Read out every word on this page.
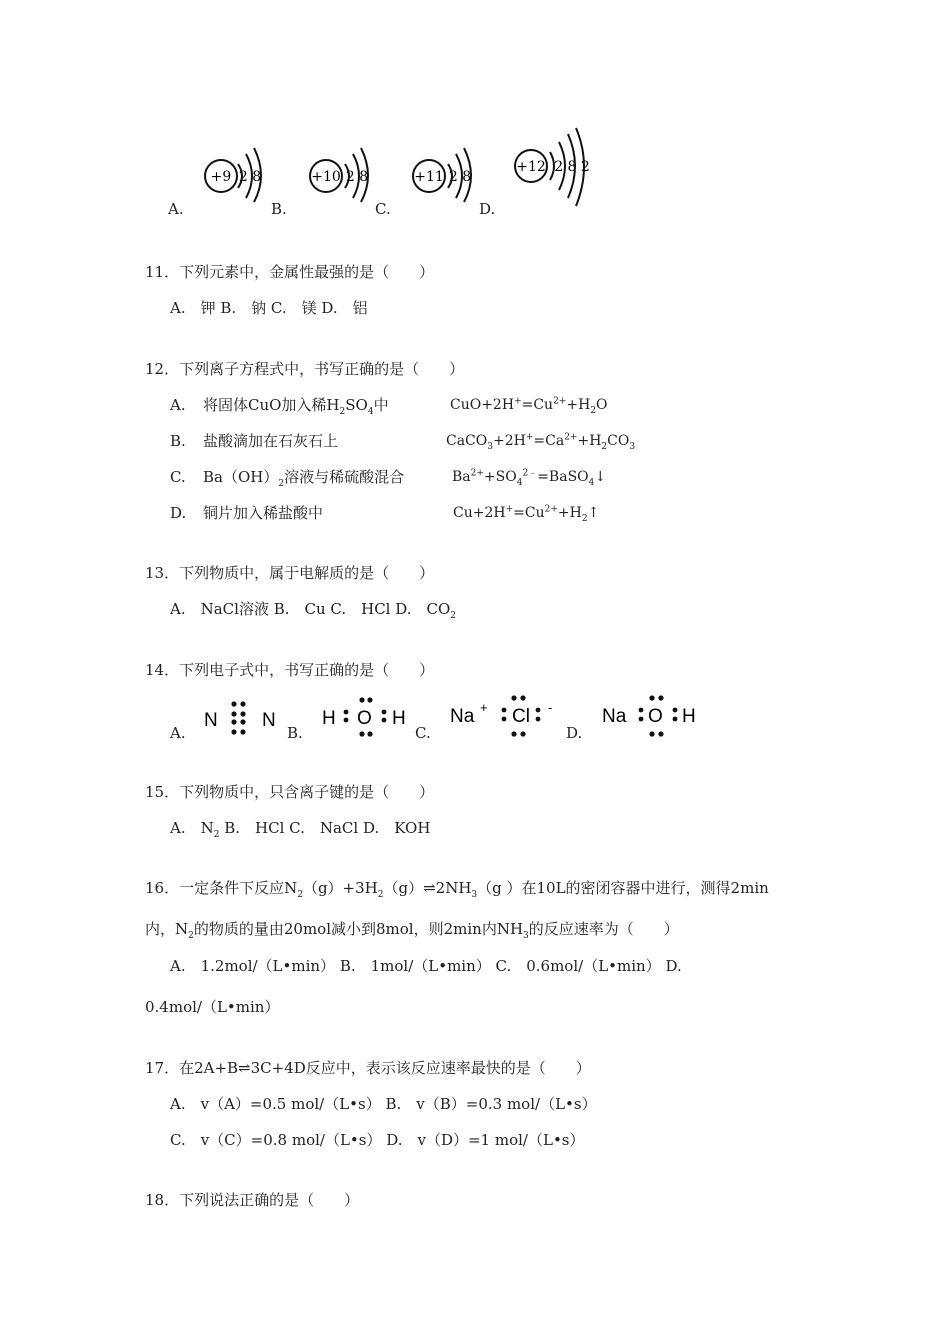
A.
+9 2 8
B.
+10 2 8
C.
+11 2 8
D.
+12 2 8 2
11．下列元素中，金属性最强的是（　　）
A.　钾 B.　钠 C.　镁 D.　铝
12．下列离子方程式中，书写正确的是（　　）
A. 将固体CuO加入稀$H_2SO_4$中	$CuO+2H^+=Cu^{2+}+H_2O$
B. 盐酸滴加在石灰石上	$CaCO_3+2H^+=Ca^{2+}+H_2CO_3$
C. $Ba(OH)_2$溶液与稀硫酸混合	$Ba^{2+}+SO_4^{2﹣}=BaSO_4↓$
D. 铜片加入稀盐酸中	$Cu+2H^+=Cu^{2+}+H_2↑$
13．下列物质中，属于电解质的是（　　）
A.　NaCl溶液 B.　Cu C.　HCl D.　$CO_2$
14．下列电子式中，书写正确的是（　　）
A.
N N
B.
H O H
C.
Na + Cl -
D.
Na O H
15．下列物质中，只含离子键的是（　　）
A.　$N_2$ B.　HCl C.　NaCl D.　KOH
16．一定条件下反应$N_2(g)+3H_2(g)\rightleftharpoons 2NH_3(g$ ）在10L的密闭容器中进行，测得2min
内，$N_2$的物质的量由20mol减小到8mol，则2min内$NH_3$的反应速率为（　　）
A.　1.2mol/（L•min） B.　1mol/（L•min） C.　0.6mol/（L•min） D.
0.4mol/（L•min）
17．在2A+B⇌3C+4D反应中，表示该反应速率最快的是（　　）
A.　v（A）=0.5 mol/（L•s） B.　v（B）=0.3 mol/（L•s）
C.　v（C）=0.8 mol/（L•s） D.　v（D）=1 mol/（L•s）
18．下列说法正确的是（　　）
